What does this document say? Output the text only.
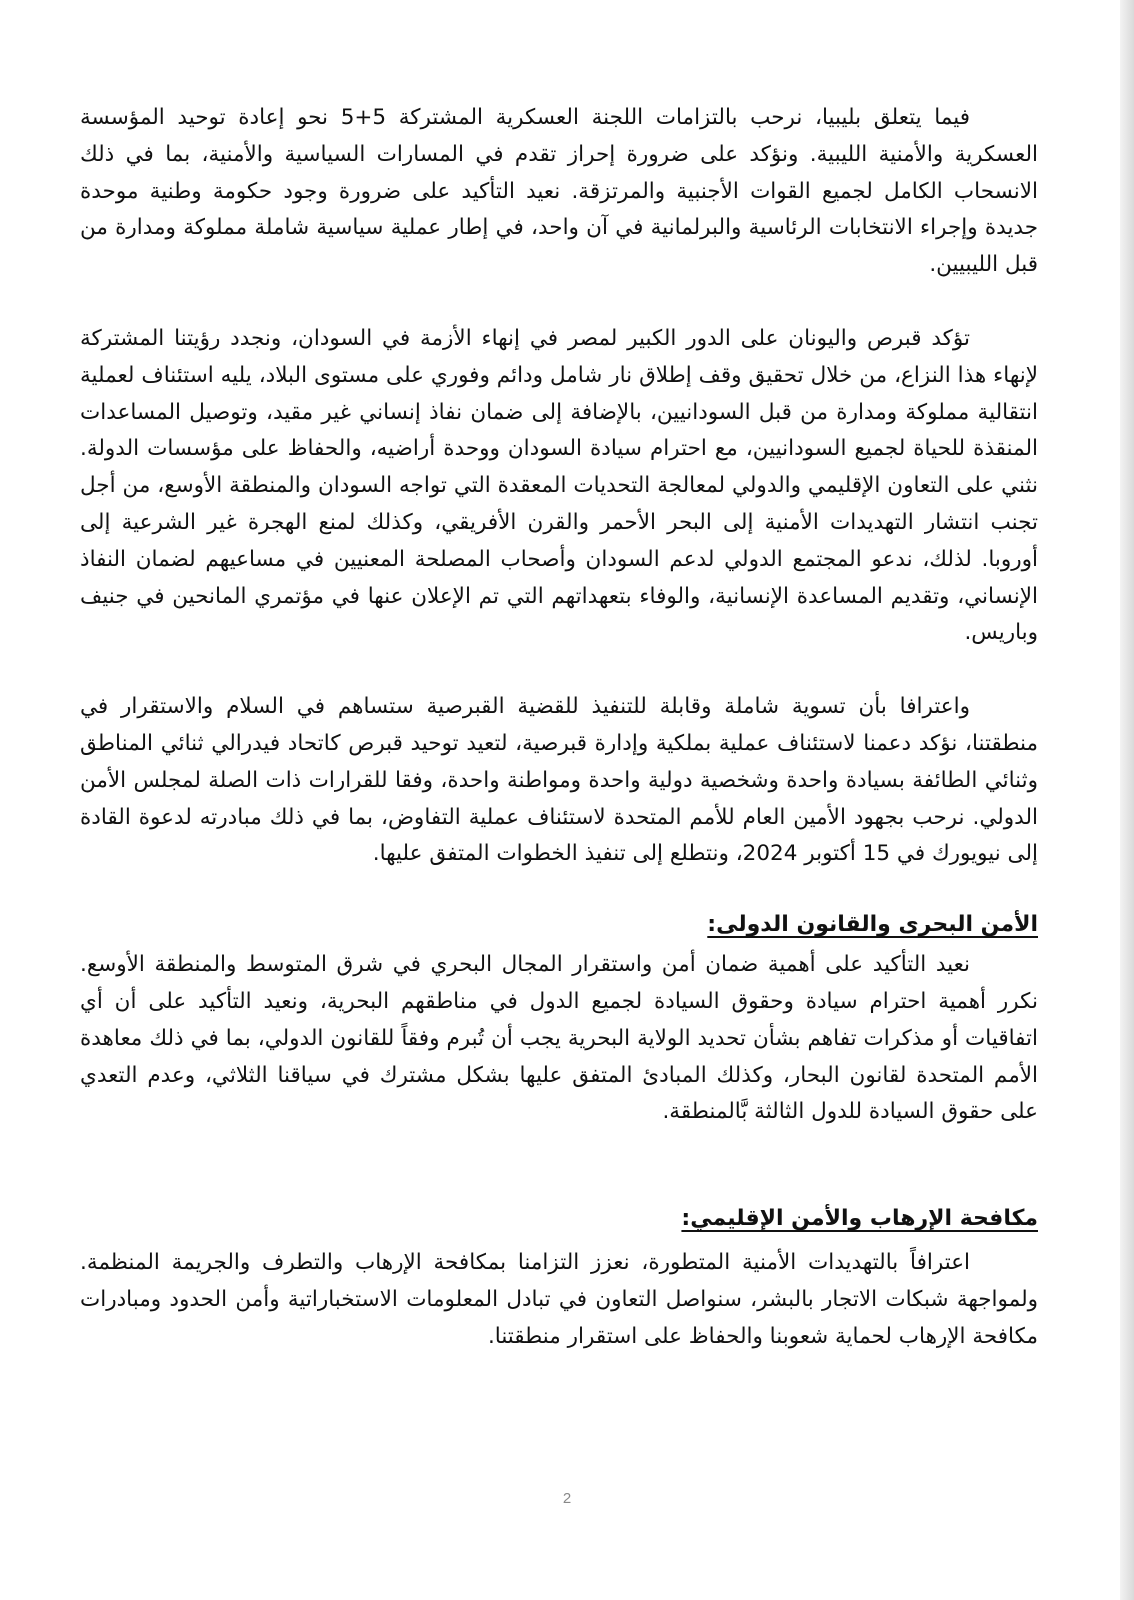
فيما يتعلق بليبيا، نرحب بالتزامات اللجنة العسكرية المشتركة 5+5 نحو إعادة توحيد المؤسسة العسكرية والأمنية الليبية. ونؤكد على ضرورة إحراز تقدم في المسارات السياسية والأمنية، بما في ذلك الانسحاب الكامل لجميع القوات الأجنبية والمرتزقة. نعيد التأكيد على ضرورة وجود حكومة وطنية موحدة جديدة وإجراء الانتخابات الرئاسية والبرلمانية في آن واحد، في إطار عملية سياسية شاملة مملوكة ومدارة من قبل الليبيين.

تؤكد قبرص واليونان على الدور الكبير لمصر في إنهاء الأزمة في السودان، ونجدد رؤيتنا المشتركة لإنهاء هذا النزاع، من خلال تحقيق وقف إطلاق نار شامل ودائم وفوري على مستوى البلاد، يليه استئناف لعملية انتقالية مملوكة ومدارة من قبل السودانيين، بالإضافة إلى ضمان نفاذ إنساني غير مقيد، وتوصيل المساعدات المنقذة للحياة لجميع السودانيين، مع احترام سيادة السودان ووحدة أراضيه، والحفاظ على مؤسسات الدولة. نثني على التعاون الإقليمي والدولي لمعالجة التحديات المعقدة التي تواجه السودان والمنطقة الأوسع، من أجل تجنب انتشار التهديدات الأمنية إلى البحر الأحمر والقرن الأفريقي، وكذلك لمنع الهجرة غير الشرعية إلى أوروبا. لذلك، ندعو المجتمع الدولي لدعم السودان وأصحاب المصلحة المعنيين في مساعيهم لضمان النفاذ الإنساني، وتقديم المساعدة الإنسانية، والوفاء بتعهداتهم التي تم الإعلان عنها في مؤتمري المانحين في جنيف وباريس.

واعترافا بأن تسوية شاملة وقابلة للتنفيذ للقضية القبرصية ستساهم في السلام والاستقرار في منطقتنا، نؤكد دعمنا لاستئناف عملية بملكية وإدارة قبرصية، لتعيد توحيد قبرص كاتحاد فيدرالي ثنائي المناطق وثنائي الطائفة بسيادة واحدة وشخصية دولية واحدة ومواطنة واحدة، وفقا للقرارات ذات الصلة لمجلس الأمن الدولي. نرحب بجهود الأمين العام للأمم المتحدة لاستئناف عملية التفاوض، بما في ذلك مبادرته لدعوة القادة إلى نيويورك في 15 أكتوبر 2024، ونتطلع إلى تنفيذ الخطوات المتفق عليها.

الأمن البحرى والقانون الدولى:

نعيد التأكيد على أهمية ضمان أمن واستقرار المجال البحري في شرق المتوسط والمنطقة الأوسع. نكرر أهمية احترام سيادة وحقوق السيادة لجميع الدول في مناطقهم البحرية، ونعيد التأكيد على أن أي اتفاقيات أو مذكرات تفاهم بشأن تحديد الولاية البحرية يجب أن تُبرم وفقاً للقانون الدولي، بما في ذلك معاهدة الأمم المتحدة لقانون البحار، وكذلك المبادئ المتفق عليها بشكل مشترك في سياقنا الثلاثي، وعدم التعدي على حقوق السيادة للدول الثالثة بَّالمنطقة.

مكافحة الإرهاب والأمن الإقليمي:

اعترافاً بالتهديدات الأمنية المتطورة، نعزز التزامنا بمكافحة الإرهاب والتطرف والجريمة المنظمة. ولمواجهة شبكات الاتجار بالبشر، سنواصل التعاون في تبادل المعلومات الاستخباراتية وأمن الحدود ومبادرات مكافحة الإرهاب لحماية شعوبنا والحفاظ على استقرار منطقتنا.

2
